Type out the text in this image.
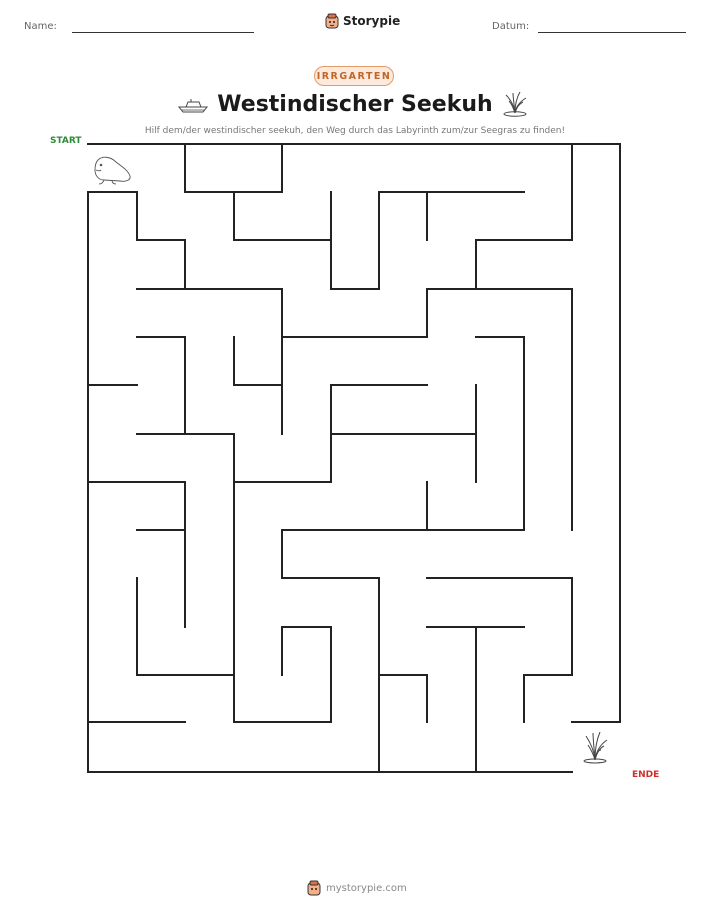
Name:	Storypie	Datum:
IRRGARTEN
Westindischer Seekuh
Hilf dem/der westindischer seekuh, den Weg durch das Labyrinth zum/zur Seegras zu finden!
START
ENDE
mystorypie.com
